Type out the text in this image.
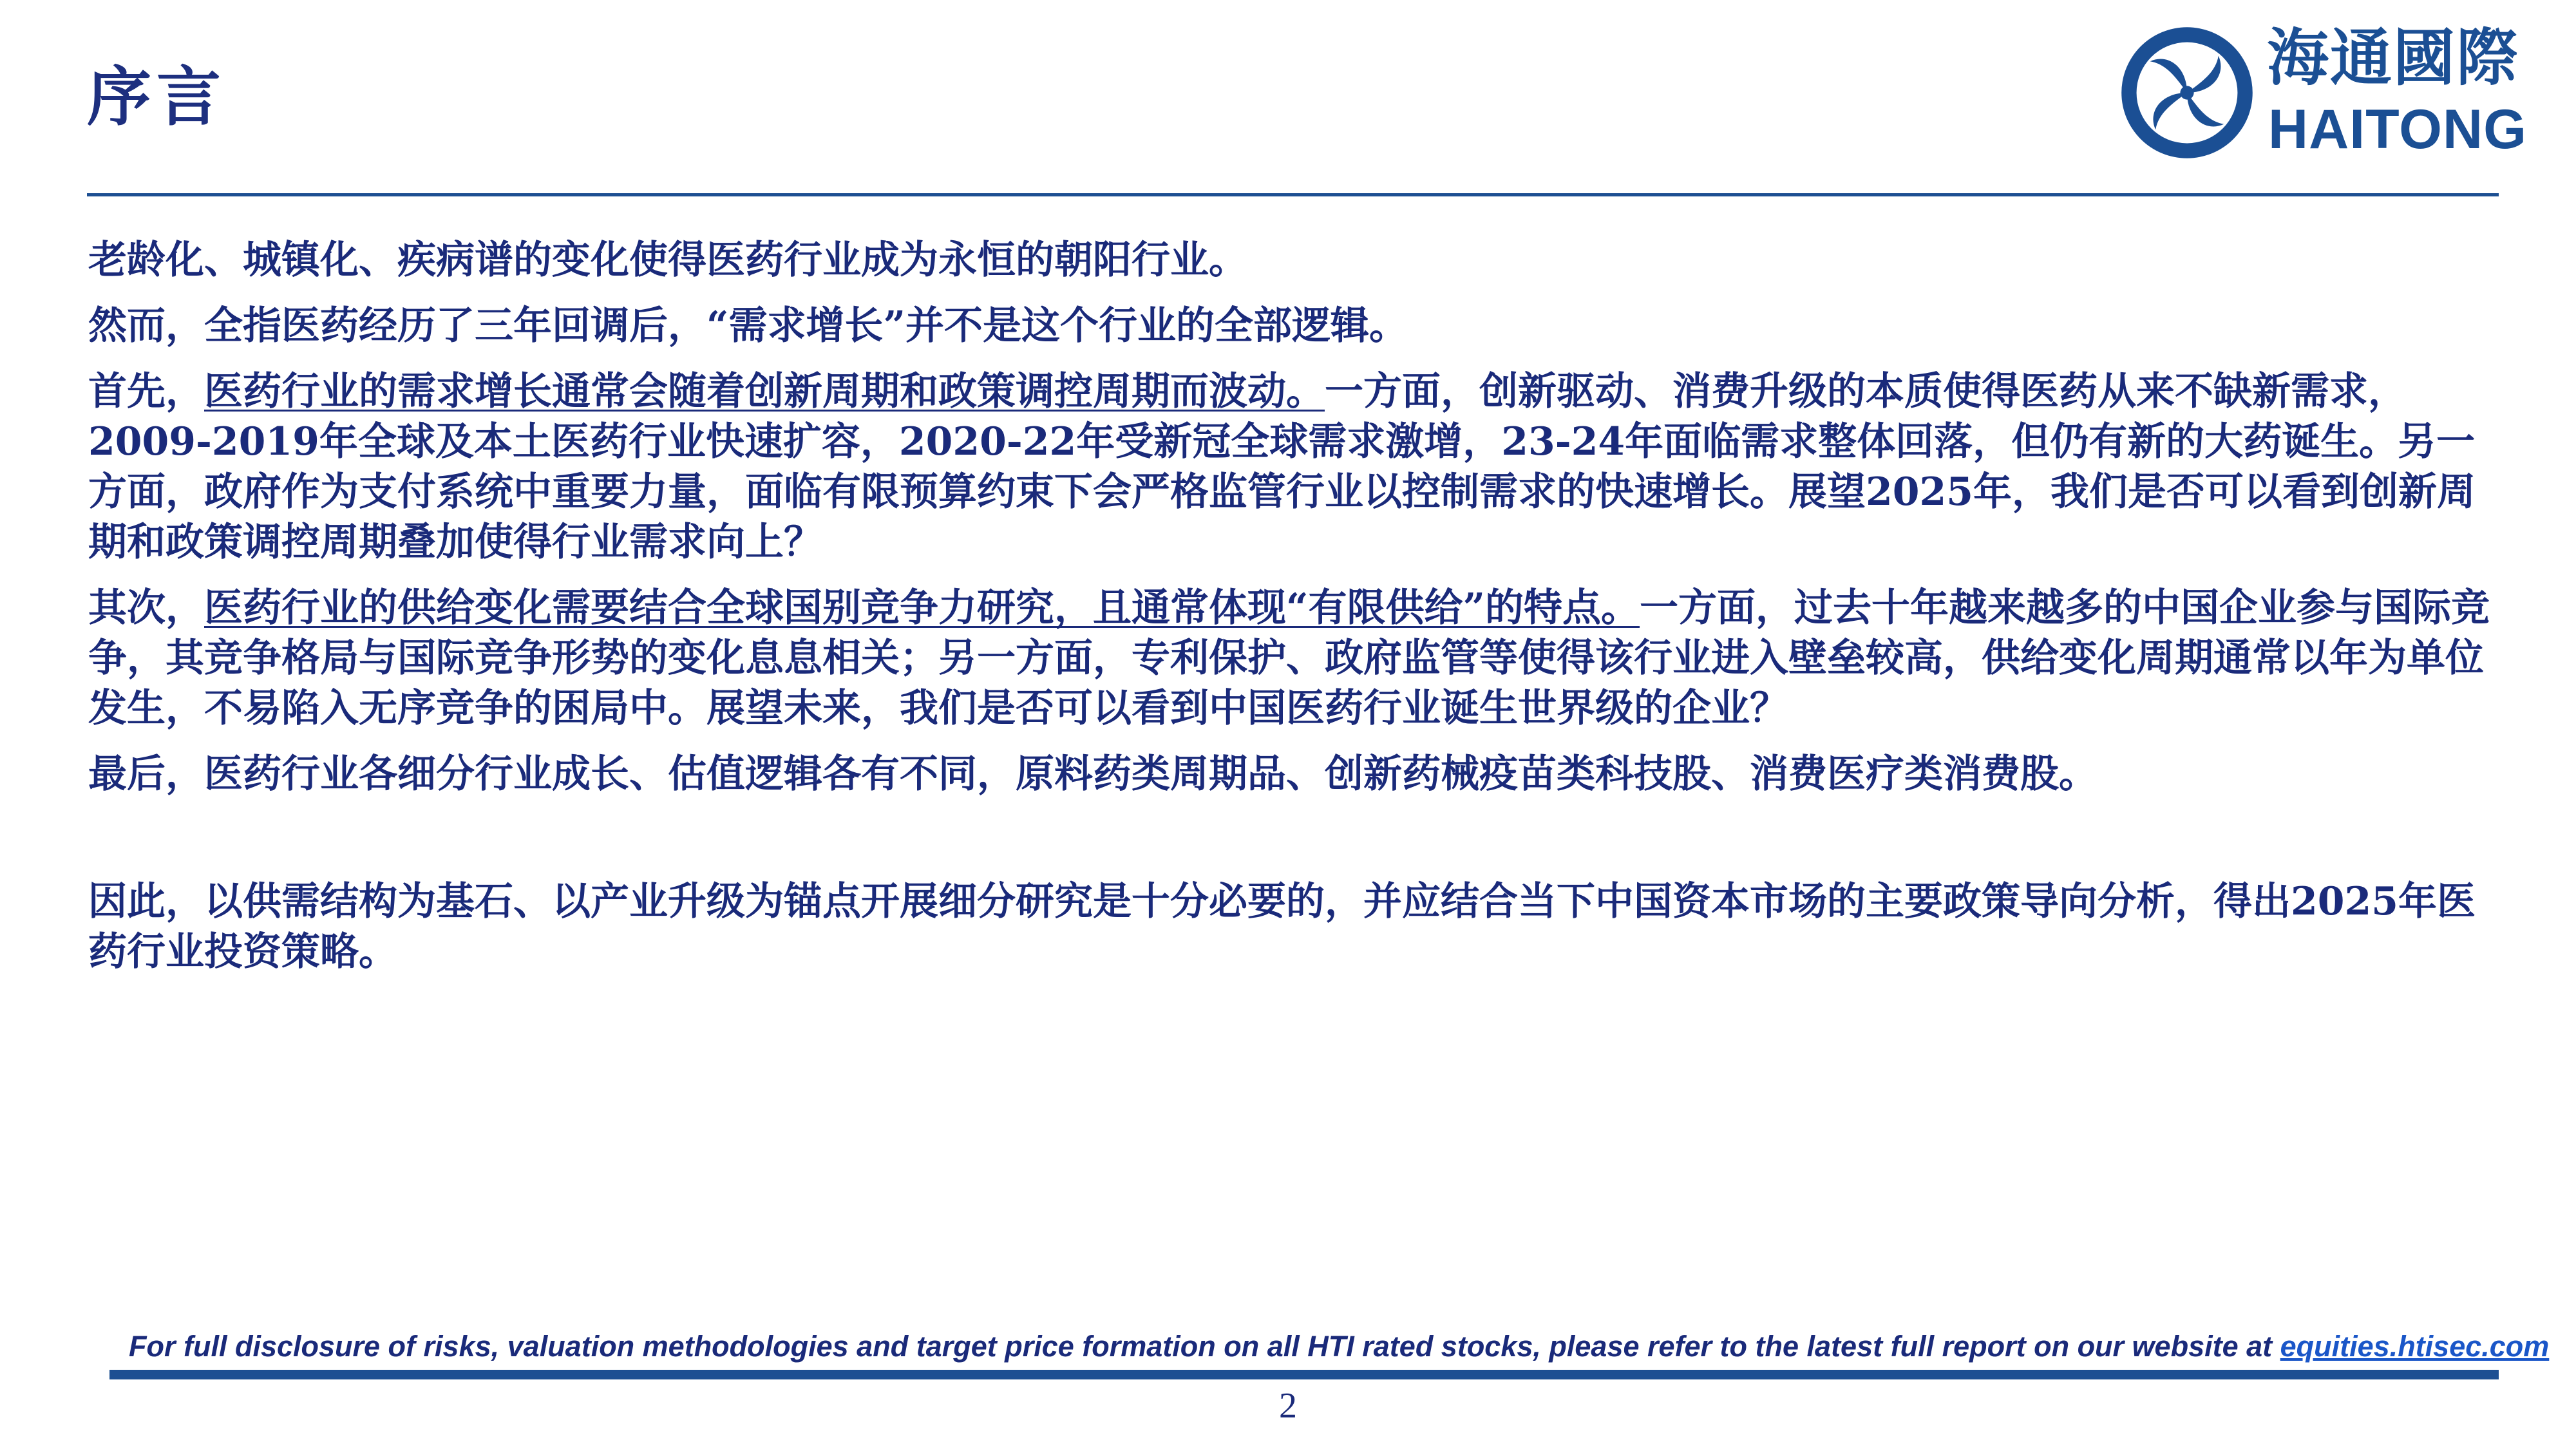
序言
海通國際
HAITONG

老龄化、城镇化、疾病谱的变化使得医药行业成为永恒的朝阳行业。

然而，全指医药经历了三年回调后，“需求增长”并不是这个行业的全部逻辑。

首先，医药行业的需求增长通常会随着创新周期和政策调控周期而波动。一方面，创新驱动、消费升级的本质使得医药从来不缺新需求，2009-2019年全球及本土医药行业快速扩容，2020-22年受新冠全球需求激增，23-24年面临需求整体回落，但仍有新的大药诞生。另一方面，政府作为支付系统中重要力量，面临有限预算约束下会严格监管行业以控制需求的快速增长。展望2025年，我们是否可以看到创新周期和政策调控周期叠加使得行业需求向上？

其次，医药行业的供给变化需要结合全球国别竞争力研究，且通常体现“有限供给”的特点。一方面，过去十年越来越多的中国企业参与国际竞争，其竞争格局与国际竞争形势的变化息息相关；另一方面，专利保护、政府监管等使得该行业进入壁垒较高，供给变化周期通常以年为单位发生，不易陷入无序竞争的困局中。展望未来，我们是否可以看到中国医药行业诞生世界级的企业？

最后，医药行业各细分行业成长、估值逻辑各有不同，原料药类周期品、创新药械疫苗类科技股、消费医疗类消费股。

因此，以供需结构为基石、以产业升级为锚点开展细分研究是十分必要的，并应结合当下中国资本市场的主要政策导向分析，得出2025年医药行业投资策略。

For full disclosure of risks, valuation methodologies and target price formation on all HTI rated stocks, please refer to the latest full report on our website at equities.htisec.com
2
